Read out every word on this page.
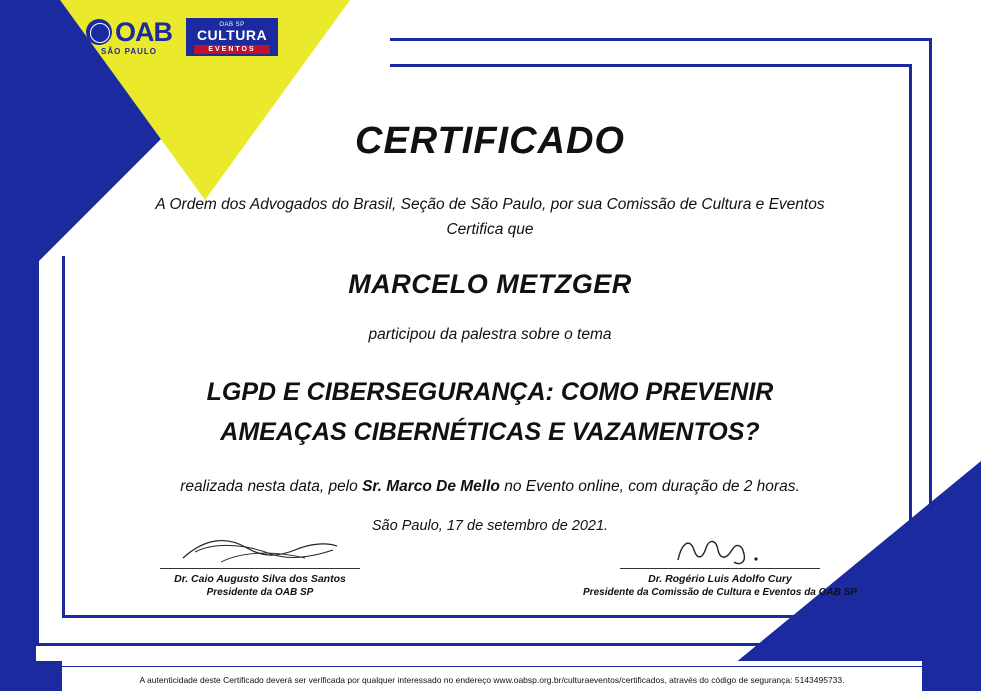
OAB
SÃO PAULO
OAB SP
CULTURA
EVENTOS
CERTIFICADO
A Ordem dos Advogados do Brasil, Seção de São Paulo, por sua Comissão de Cultura e Eventos Certifica que
MARCELO METZGER
participou da palestra sobre o tema
LGPD E CIBERSEGURANÇA: COMO PREVENIR
AMEAÇAS CIBERNÉTICAS E VAZAMENTOS?
realizada nesta data, pelo Sr. Marco De Mello no Evento online, com duração de 2 horas.
São Paulo, 17 de setembro de 2021.
Dr. Caio Augusto Silva dos Santos
Presidente da OAB SP
Dr. Rogério Luis Adolfo Cury
Presidente da Comissão de Cultura e Eventos da OAB SP
A autenticidade deste Certificado deverá ser verificada por qualquer interessado no endereço www.oabsp.org.br/culturaeventos/certificados, através do código de segurança: 5143495733.
